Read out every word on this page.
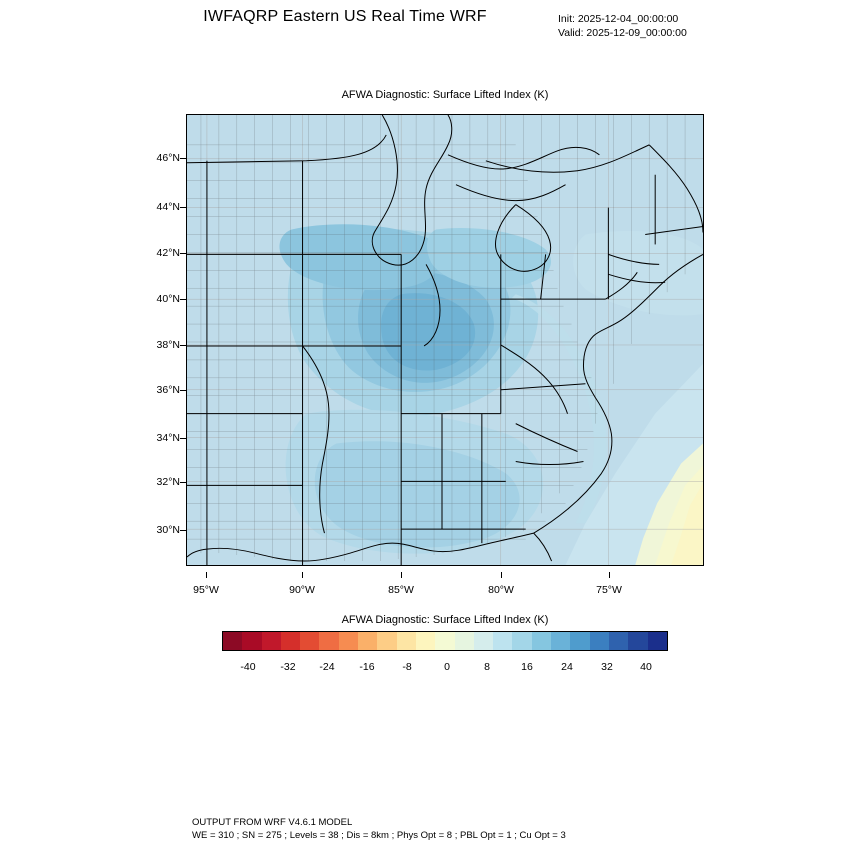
IWFAQRP Eastern US Real Time WRF	Init: 2025-12-04_00:00:00
Valid: 2025-12-09_00:00:00
AFWA Diagnostic: Surface Lifted Index (K)
46°N
44°N
42°N
40°N
38°N
36°N
34°N
32°N
30°N
95°W	90°W	85°W	80°W	75°W
AFWA Diagnostic: Surface Lifted Index (K)
-40 -32 -24 -16	-8	0	8	16	24	32	40
OUTPUT FROM WRF V4.6.1 MODEL
WE = 310 ; SN = 275 ; Levels = 38 ; Dis = 8km ; Phys Opt = 8 ; PBL Opt = 1 ; Cu Opt = 3
